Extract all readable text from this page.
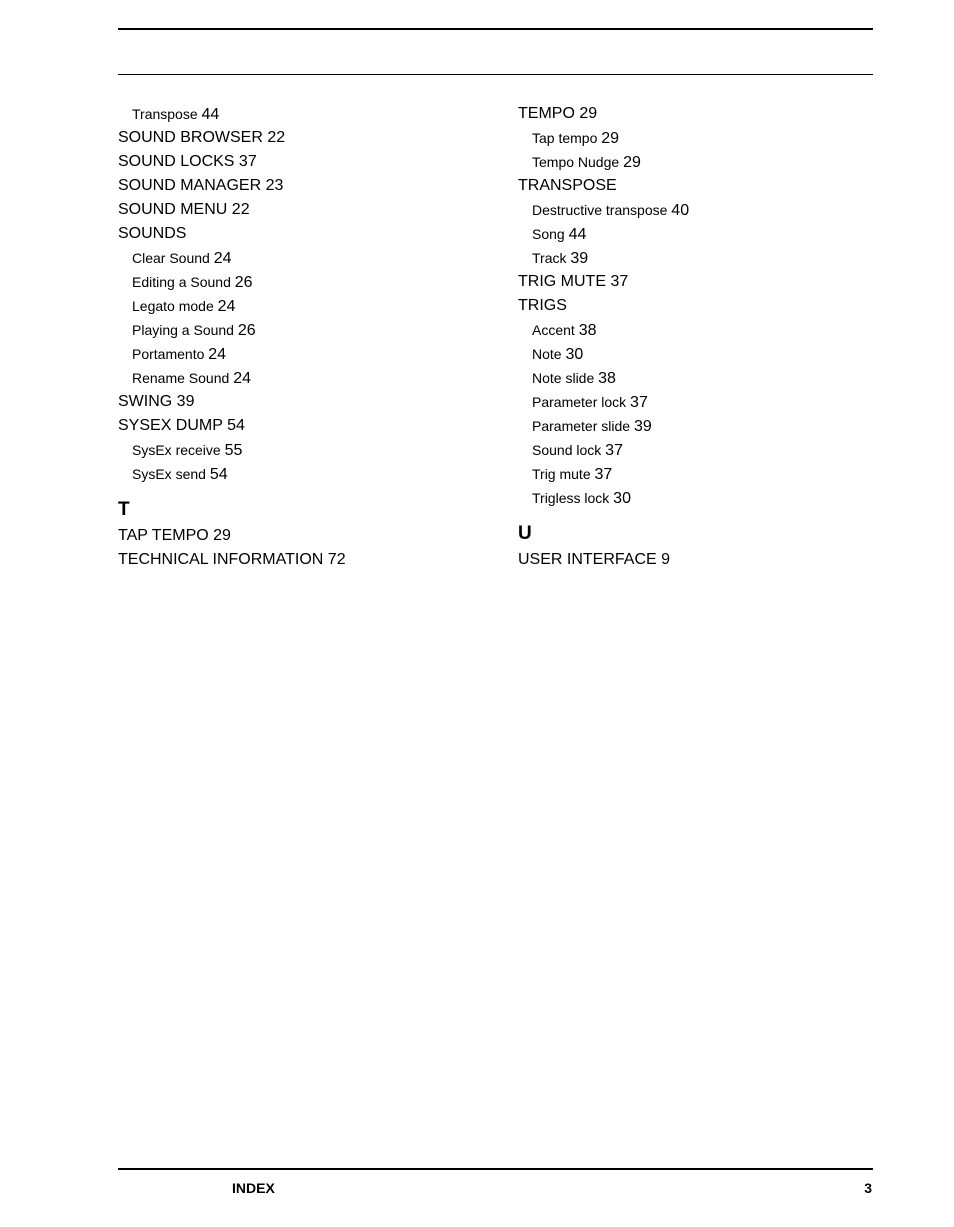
Transpose 44
SOUND BROWSER 22
SOUND LOCKS 37
SOUND MANAGER 23
SOUND MENU 22
SOUNDS
Clear Sound 24
Editing a Sound 26
Legato mode 24
Playing a Sound 26
Portamento 24
Rename Sound 24
SWING 39
SYSEX DUMP 54
SysEx receive 55
SysEx send 54
T
TAP TEMPO 29
TECHNICAL INFORMATION 72
TEMPO 29
Tap tempo 29
Tempo Nudge 29
TRANSPOSE
Destructive transpose 40
Song 44
Track 39
TRIG MUTE 37
TRIGS
Accent 38
Note 30
Note slide 38
Parameter lock 37
Parameter slide 39
Sound lock 37
Trig mute 37
Trigless lock 30
U
USER INTERFACE 9
INDEX	3
